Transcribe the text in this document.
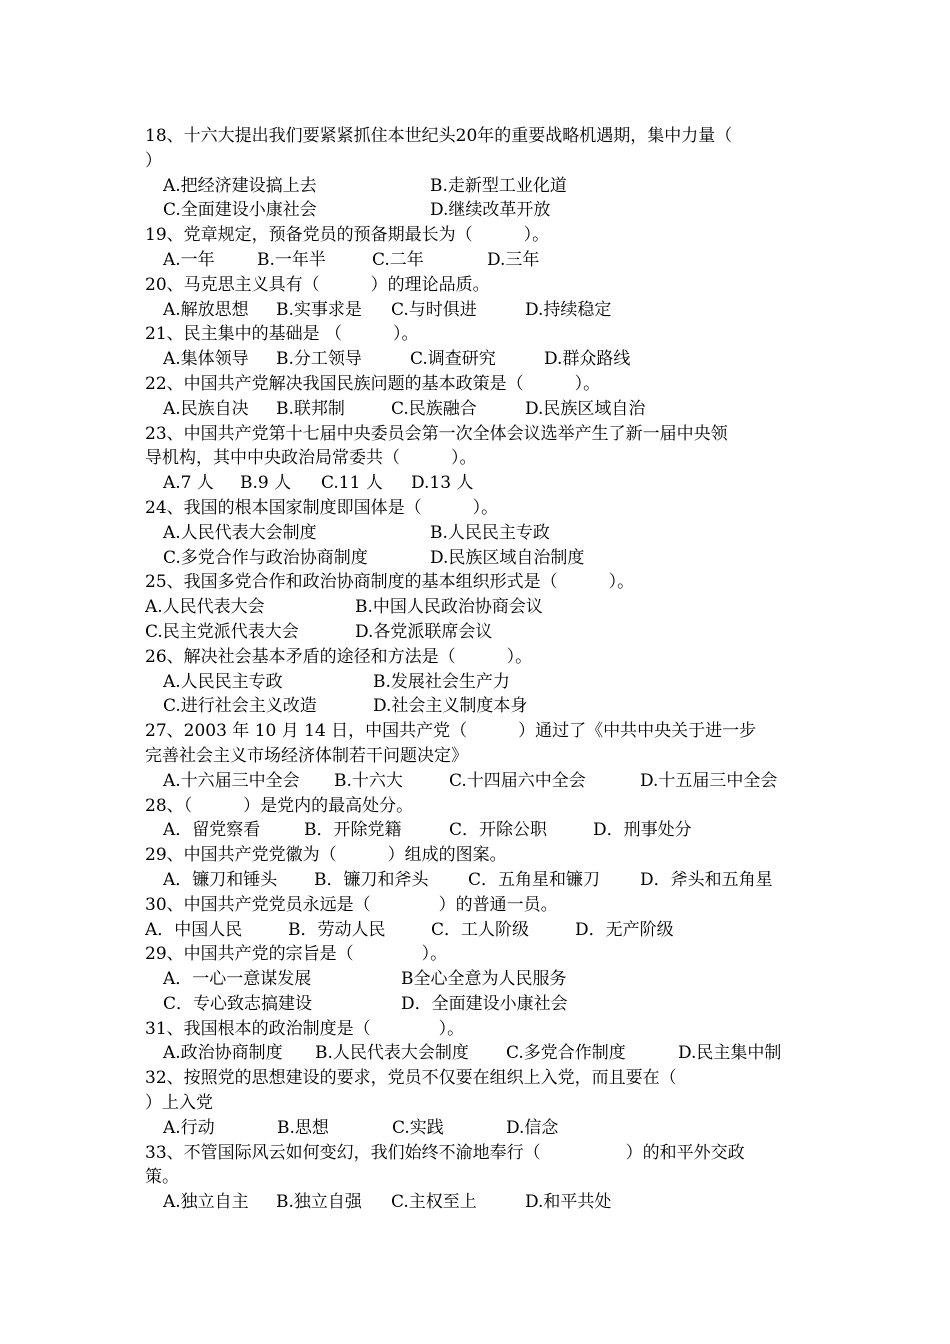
18、十六大提出我们要紧紧抓住本世纪头20年的重要战略机遇期，集中力量（
）
A.把经济建设搞上去	B.走新型工业化道
C.全面建设小康社会	D.继续改革开放
19、党章规定，预备党员的预备期最长为（　　　）。
A.一年 B.一年半	C.二年	D.三年
20、马克思主义具有（　　　）的理论品质。
A.解放思想 B.实事求是 C.与时俱进	D.持续稳定
21、民主集中的基础是 （　　　）。
A.集体领导 B.分工领导	C.调查研究	D.群众路线
22、中国共产党解决我国民族问题的基本政策是（　　　）。
A.民族自决 B.联邦制	C.民族融合	D.民族区域自治
23、中国共产党第十七届中央委员会第一次全体会议选举产生了新一届中央领
导机构，其中中央政治局常委共（　　　）。
A.7 人 B.9 人 C.11 人 D.13 人
24、我国的根本国家制度即国体是（　　　）。
A.人民代表大会制度	B.人民民主专政
C.多党合作与政治协商制度	D.民族区域自治制度
25、我国多党合作和政治协商制度的基本组织形式是（　　　）。
A.人民代表大会	B.中国人民政治协商会议
C.民主党派代表大会	D.各党派联席会议
26、解决社会基本矛盾的途径和方法是（　　　）。
A.人民民主专政	B.发展社会生产力
C.进行社会主义改造	D.社会主义制度本身
27、2003 年 10 月 14 日，中国共产党（　　　）通过了《中共中央关于进一步
完善社会主义市场经济体制若干问题决定》
A.十六届三中全会 B.十六大	C.十四届六中全会	D.十五届三中全会
28、（　　　）是党内的最高处分。
A．留党察看	B．开除党籍	C．开除公职	D．刑事处分
29、中国共产党党徽为（　　　）组成的图案。
A．镰刀和锤头 B．镰刀和斧头 C．五角星和镰刀 D．斧头和五角星
30、中国共产党党员永远是（　　　　）的普通一员。
A．中国人民	B．劳动人民	C．工人阶级	D．无产阶级
29、中国共产党的宗旨是（　　　　）。
A．一心一意谋发展	B全心全意为人民服务
C．专心致志搞建设	D．全面建设小康社会
31、我国根本的政治制度是（　　　　）。
A.政治协商制度 B.人民代表大会制度 C.多党合作制度	D.民主集中制
32、按照党的思想建设的要求，党员不仅要在组织上入党，而且要在（
）上入党
A.行动	B.思想	C.实践	D.信念
33、不管国际风云如何变幻，我们始终不渝地奉行（　　　　　）的和平外交政
策。
A.独立自主 B.独立自强 C.主权至上	D.和平共处
